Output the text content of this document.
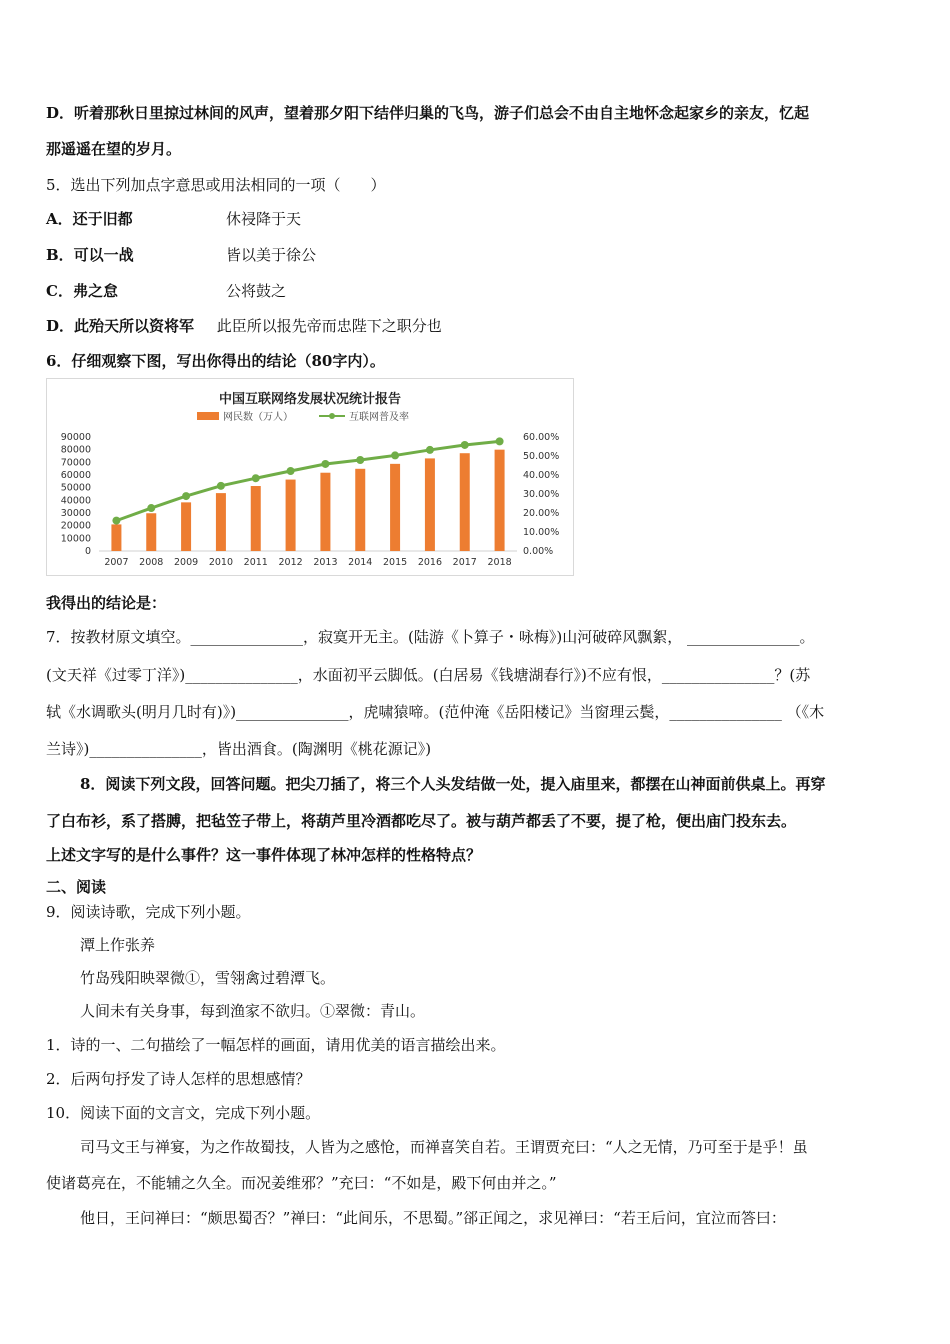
D．听着那秋日里掠过林间的风声，望着那夕阳下结伴归巢的飞鸟，游子们总会不由自主地怀念起家乡的亲友，忆起
那遥遥在望的岁月。
5．选出下列加点字意思或用法相同的一项（　　）
A．还于旧都	休祲降于天
B．可以一战	皆以美于徐公
C．弗之怠	公将鼓之
D．此殆天所以资将军 此臣所以报先帝而忠陛下之职分也
6．仔细观察下图，写出你得出的结论（80字内）。
中国互联网络发展状况统计报告
网民数（万人）	互联网普及率
0
10000
20000
30000
40000
50000
60000
70000
80000
90000
0.00%
10.00%
20.00%
30.00%
40.00%
50.00%
60.00%
2007 2008 2009 2010 2011 2012 2013 2014 2015 2016 2017 2018
我得出的结论是：
7．按教材原文填空。_______________，寂寞开无主。(陆游《卜算子・咏梅》)山河破碎风飘絮， _______________。
(文天祥《过零丁洋》)_______________，水面初平云脚低。(白居易《钱塘湖春行》)不应有恨，_______________？(苏
轼《水调歌头(明月几时有)》)_______________，虎啸猿啼。(范仲淹《岳阳楼记》当窗理云鬓，_______________ （《木
兰诗》)_______________，皆出酒食。(陶渊明《桃花源记》)
8．阅读下列文段，回答问题。把尖刀插了，将三个人头发结做一处，提入庙里来，都摆在山神面前供桌上。再穿
了白布衫，系了搭膊，把毡笠子带上，将葫芦里冷酒都吃尽了。被与葫芦都丢了不要，提了枪，便出庙门投东去。
上述文字写的是什么事件？这一事件体现了林冲怎样的性格特点？
二、阅读
9．阅读诗歌，完成下列小题。
潭上作张养
竹岛残阳映翠微①，雪翎禽过碧潭飞。
人间未有关身事，每到渔家不欲归。①翠微：青山。
1．诗的一、二句描绘了一幅怎样的画面，请用优美的语言描绘出来。
2．后两句抒发了诗人怎样的思想感情？
10．阅读下面的文言文，完成下列小题。
司马文王与禅宴，为之作故蜀技，人皆为之感怆，而禅喜笑自若。王谓贾充曰：“人之无情，乃可至于是乎！虽
使诸葛亮在，不能辅之久全。而况姜维邪？”充曰：“不如是，殿下何由并之。”
他日，王问禅曰：“颇思蜀否？”禅曰：“此间乐，不思蜀。”郤正闻之，求见禅曰：“若王后问，宜泣而答曰：
